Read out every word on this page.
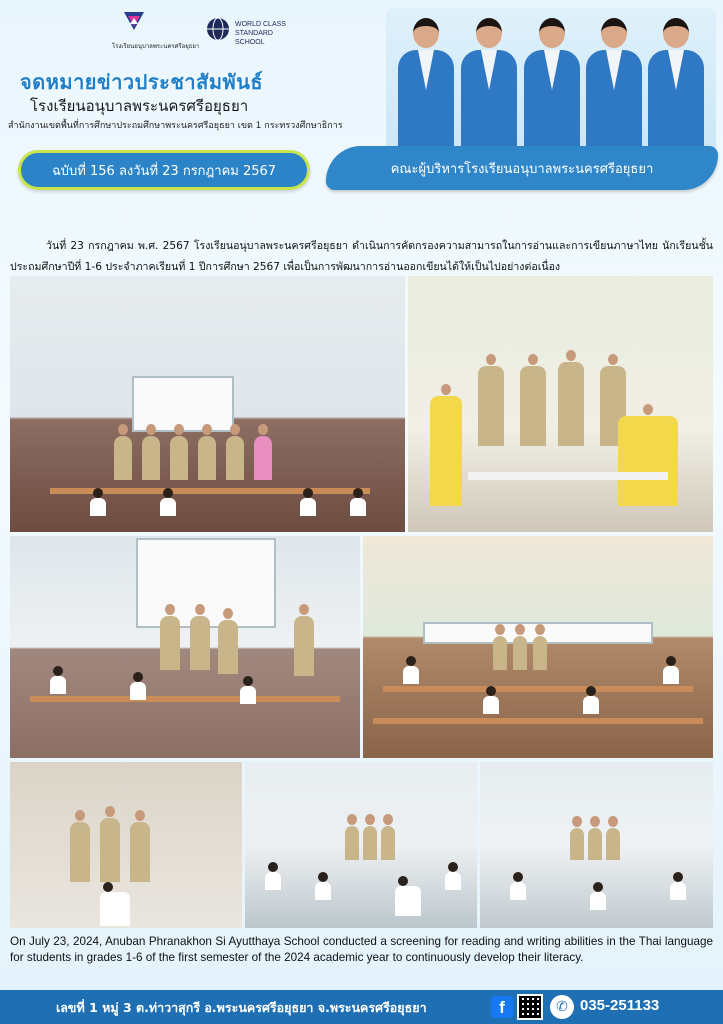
โรงเรียนอนุบาลพระนครศรีอยุธยา
WORLD CLASS STANDARD SCHOOL
จดหมายข่าวประชาสัมพันธ์
โรงเรียนอนุบาลพระนครศรีอยุธยา
สำนักงานเขตพื้นที่การศึกษาประถมศึกษาพระนครศรีอยุธยา เขต 1 กระทรวงศึกษาธิการ
ฉบับที่ 156 ลงวันที่ 23 กรกฎาคม 2567	คณะผู้บริหารโรงเรียนอนุบาลพระนครศรีอยุธยา
วันที่ 23 กรกฎาคม พ.ศ. 2567 โรงเรียนอนุบาลพระนครศรีอยุธยา ดำเนินการคัดกรองความสามารถในการอ่านและการเขียนภาษาไทย นักเรียนชั้นประถมศึกษาปีที่ 1-6 ประจำภาคเรียนที่ 1 ปีการศึกษา 2567 เพื่อเป็นการพัฒนาการอ่านออกเขียนได้ให้เป็นไปอย่างต่อเนื่อง
On July 23, 2024, Anuban Phranakhon Si Ayutthaya School conducted a screening for reading and writing abilities in the Thai language for students in grades 1-6 of the first semester of the 2024 academic year to continuously develop their literacy.
เลขที่ 1 หมู่ 3 ต.ท่าวาสุกรี อ.พระนครศรีอยุธยา จ.พระนครศรีอยุธยา	f	✆ 035-251133
